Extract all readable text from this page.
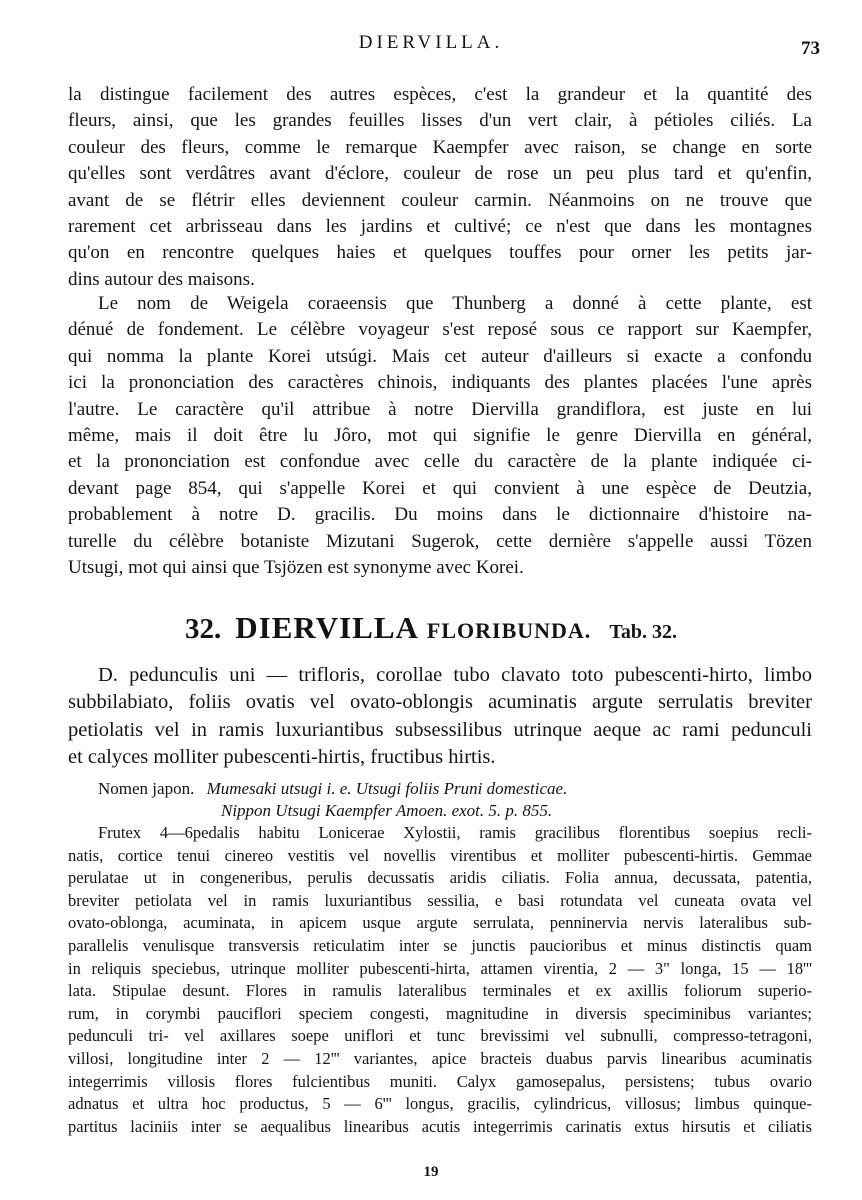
DIERVILLA.	73
la distingue facilement des autres espèces, c'est la grandeur et la quantité des
fleurs, ainsi, que les grandes feuilles lisses d'un vert clair, à pétioles ciliés. La
couleur des fleurs, comme le remarque Kaempfer avec raison, se change en sorte
qu'elles sont verdâtres avant d'éclore, couleur de rose un peu plus tard et qu'enfin,
avant de se flétrir elles deviennent couleur carmin. Néanmoins on ne trouve que
rarement cet arbrisseau dans les jardins et cultivé; ce n'est que dans les montagnes
qu'on en rencontre quelques haies et quelques touffes pour orner les petits jar-
dins autour des maisons.
Le nom de Weigela coraeensis que Thunberg a donné à cette plante, est
dénué de fondement. Le célèbre voyageur s'est reposé sous ce rapport sur Kaempfer,
qui nomma la plante Korei utsúgi. Mais cet auteur d'ailleurs si exacte a confondu
ici la prononciation des caractères chinois, indiquants des plantes placées l'une après
l'autre. Le caractère qu'il attribue à notre Diervilla grandiflora, est juste en lui
même, mais il doit être lu Jôro, mot qui signifie le genre Diervilla en général,
et la prononciation est confondue avec celle du caractère de la plante indiquée ci-
devant page 854, qui s'appelle Korei et qui convient à une espèce de Deutzia,
probablement à notre D. gracilis. Du moins dans le dictionnaire d'histoire na-
turelle du célèbre botaniste Mizutani Sugerok, cette dernière s'appelle aussi Tözen
Utsugi, mot qui ainsi que Tsjözen est synonyme avec Korei.
32. DIERVILLA FLORIBUNDA. Tab. 32.
D. pedunculis uni — trifloris, corollae tubo clavato toto pubescenti-hirto, limbo
subbilabiato, foliis ovatis vel ovato-oblongis acuminatis argute serrulatis breviter
petiolatis vel in ramis luxuriantibus subsessilibus utrinque aeque ac rami pedunculi
et calyces molliter pubescenti-hirtis, fructibus hirtis.
Nomen japon. Mumesaki utsugi i. e. Utsugi foliis Pruni domesticae.
Nippon Utsugi Kaempfer Amoen. exot. 5. p. 855.
Frutex 4—6pedalis habitu Lonicerae Xylostii, ramis gracilibus florentibus soepius recli-
natis, cortice tenui cinereo vestitis vel novellis virentibus et molliter pubescenti-hirtis. Gemmae
perulatae ut in congeneribus, perulis decussatis aridis ciliatis. Folia annua, decussata, patentia,
breviter petiolata vel in ramis luxuriantibus sessilia, e basi rotundata vel cuneata ovata vel
ovato-oblonga, acuminata, in apicem usque argute serrulata, penninervia nervis lateralibus sub-
parallelis venulisque transversis reticulatim inter se junctis paucioribus et minus distinctis quam
in reliquis speciebus, utrinque molliter pubescenti-hirta, attamen virentia, 2 — 3" longa, 15 — 18'''
lata. Stipulae desunt. Flores in ramulis lateralibus terminales et ex axillis foliorum superio-
rum, in corymbi pauciflori speciem congesti, magnitudine in diversis speciminibus variantes;
pedunculi tri- vel axillares soepe uniflori et tunc brevissimi vel subnulli, compresso-tetragoni,
villosi, longitudine inter 2 — 12''' variantes, apice bracteis duabus parvis linearibus acuminatis
integerrimis villosis flores fulcientibus muniti. Calyx gamosepalus, persistens; tubus ovario
adnatus et ultra hoc productus, 5 — 6''' longus, gracilis, cylindricus, villosus; limbus quinque-
partitus laciniis inter se aequalibus linearibus acutis integerrimis carinatis extus hirsutis et ciliatis
19
